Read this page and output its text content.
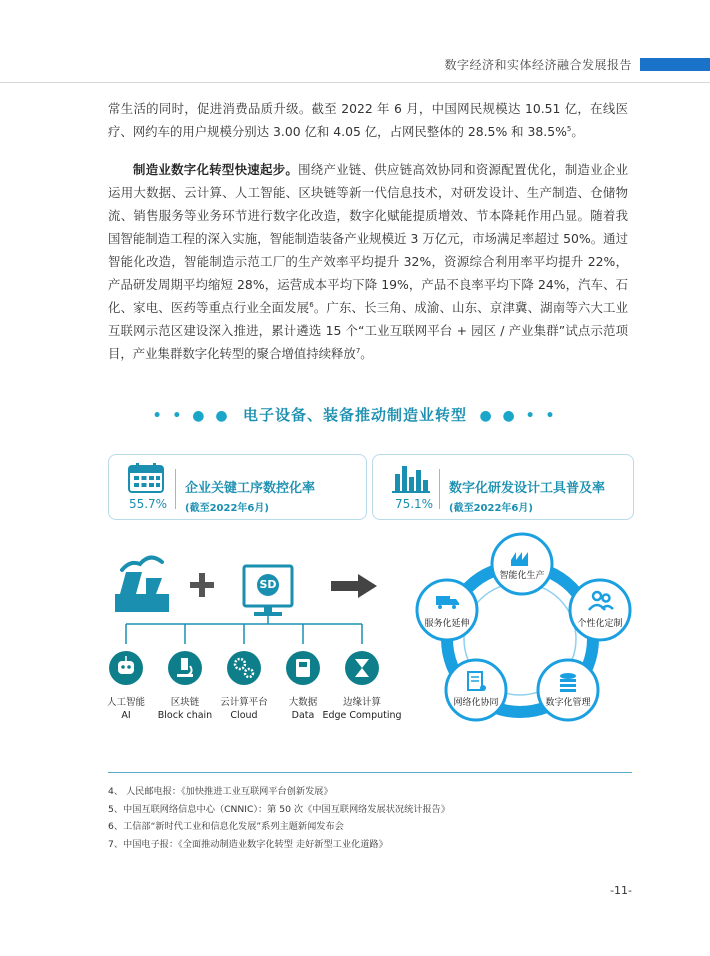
数字经济和实体经济融合发展报告

常生活的同时，促进消费品质升级。截至 2022 年 6 月，中国网民规模达 10.51 亿，在线医疗、网约车的用户规模分别达 3.00 亿和 4.05 亿，占网民整体的 28.5% 和 38.5%$^5$。

制造业数字化转型快速起步。围绕产业链、供应链高效协同和资源配置优化，制造业企业运用大数据、云计算、人工智能、区块链等新一代信息技术，对研发设计、生产制造、仓储物流、销售服务等业务环节进行数字化改造，数字化赋能提质增效、节本降耗作用凸显。随着我国智能制造工程的深入实施，智能制造装备产业规模近 3 万亿元，市场满足率超过 50%。通过智能化改造，智能制造示范工厂的生产效率平均提升 32%，资源综合利用率平均提升 22%，产品研发周期平均缩短 28%，运营成本平均下降 19%，产品不良率平均下降 24%，汽车、石化、家电、医药等重点行业全面发展$^6$。广东、长三角、成渝、山东、京津冀、湖南等六大工业互联网示范区建设深入推进，累计遴选 15 个“工业互联网平台 + 园区 / 产业集群”试点示范项目，产业集群数字化转型的聚合增值持续释放$^7$。

• • ● ● 电子设备、装备推动制造业转型 ● ● • •
55.7%
企业关键工序数控化率
(截至2022年6月)	75.1%
数字化研发设计工具普及率
(截至2022年6月)
人工智能
AI
区块链
Block chain
云计算平台
Cloud
大数据
Data
边缘计算
Edge Computing
智能化生产
个性化定制
数字化管理
网络化协同
服务化延伸
SD
4、 人民邮电报：《加快推进工业互联网平台创新发展》
5、中国互联网络信息中心（CNNIC）：第 50 次《中国互联网络发展状况统计报告》
6、工信部“新时代工业和信息化发展”系列主题新闻发布会
7、中国电子报：《全面推动制造业数字化转型 走好新型工业化道路》
-11-
